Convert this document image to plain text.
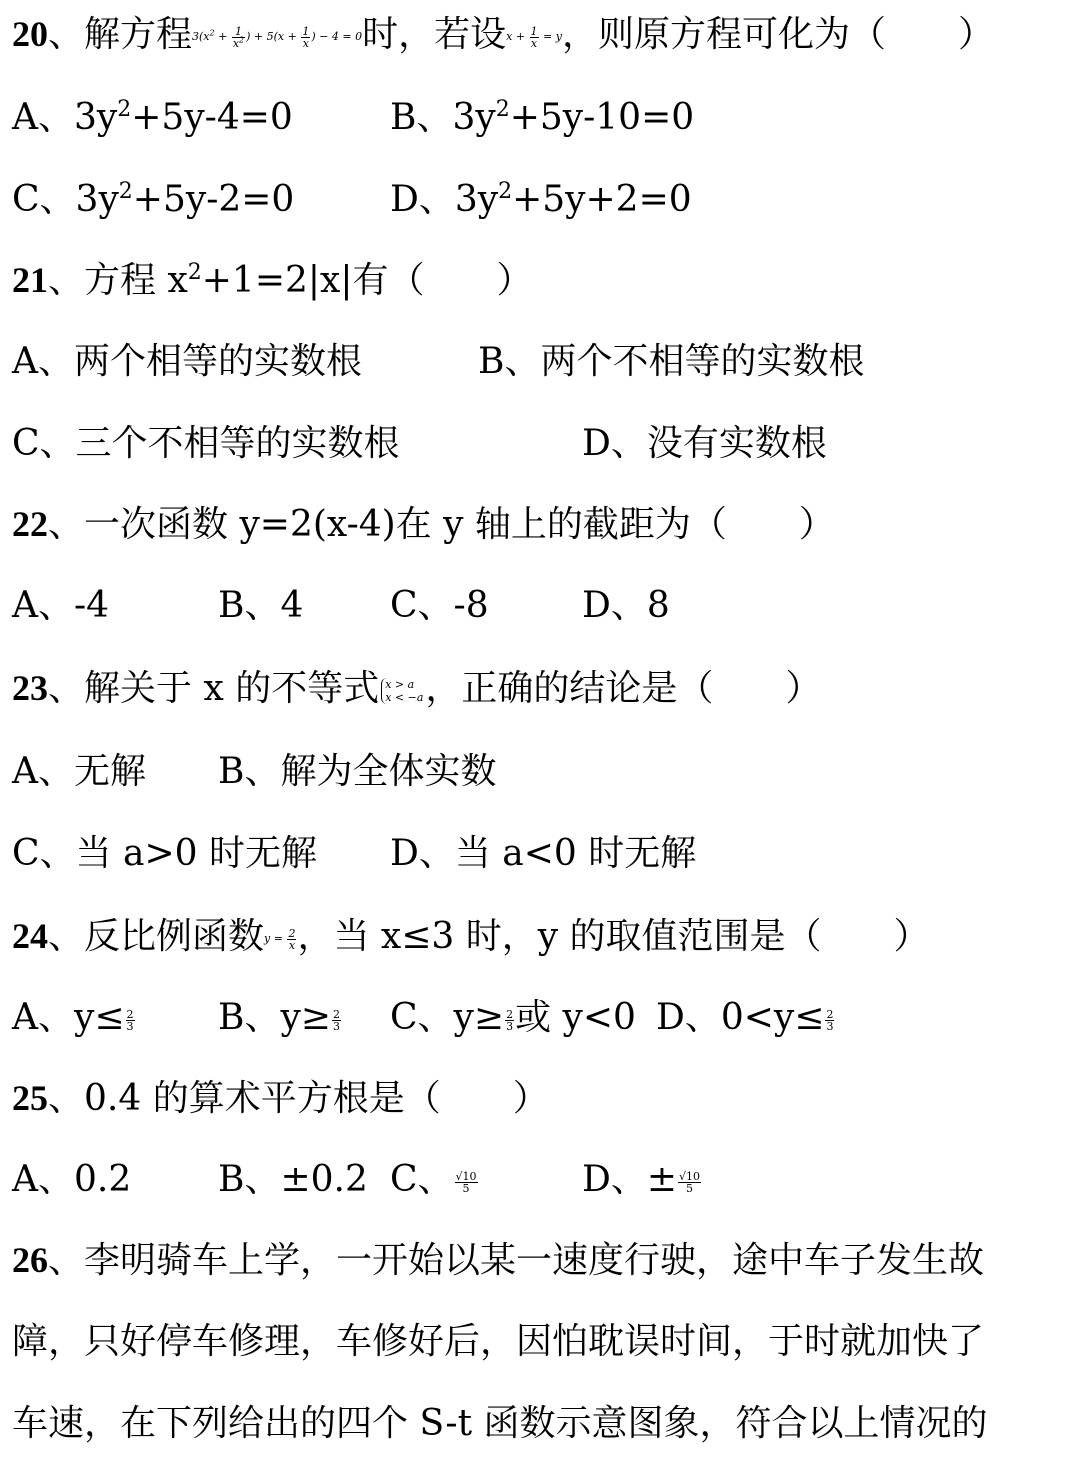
20、解方程$3(x^2 + \frac{1}{x^2}$ ) + $5(x + \frac{1}{x}$ ) − 4 = 0时，若设$x + \frac{1}{x} = y$，则原方程可化为（　　）
A、$3y^2+5y-4=0$	B、$3y^2+5y-10=0$
C、$3y^2+5y-2=0$	D、$3y^2+5y+2=0$
21、方程 $x^2+1=2|x|$有（　　）
A、两个相等的实数根	B、两个不相等的实数根
C、三个不相等的实数根	D、没有实数根
22、一次函数 y=2(x-4)在 y 轴上的截距为（　　）
A、-4	B、4 C、-8	D、8
23、解关于 x 的不等式 x > a
x < −a ，正确的结论是（　　）
A、无解 B、解为全体实数
C、当 a>0 时无解 D、当 a<0 时无解
24、反比例函数$y = \frac{2}{x}$ ，当 x≤3 时，y 的取值范围是（　　）
A、$y\le \frac{2}{3}$ B、$y\ge \frac{2}{3}$ C、$y\ge \frac{2}{3}$ 或 y<0 D、$0<y\le \frac{2}{3}$
25、0.4 的算术平方根是（　　）
A、0.2 B、±0.2 C、 $\frac{√10}{5}$	D、± $\frac{√10}{5}$
26、李明骑车上学，一开始以某一速度行驶，途中车子发生故
障，只好停车修理，车修好后，因怕耽误时间，于时就加快了
车速，在下列给出的四个 S-t 函数示意图象，符合以上情况的
